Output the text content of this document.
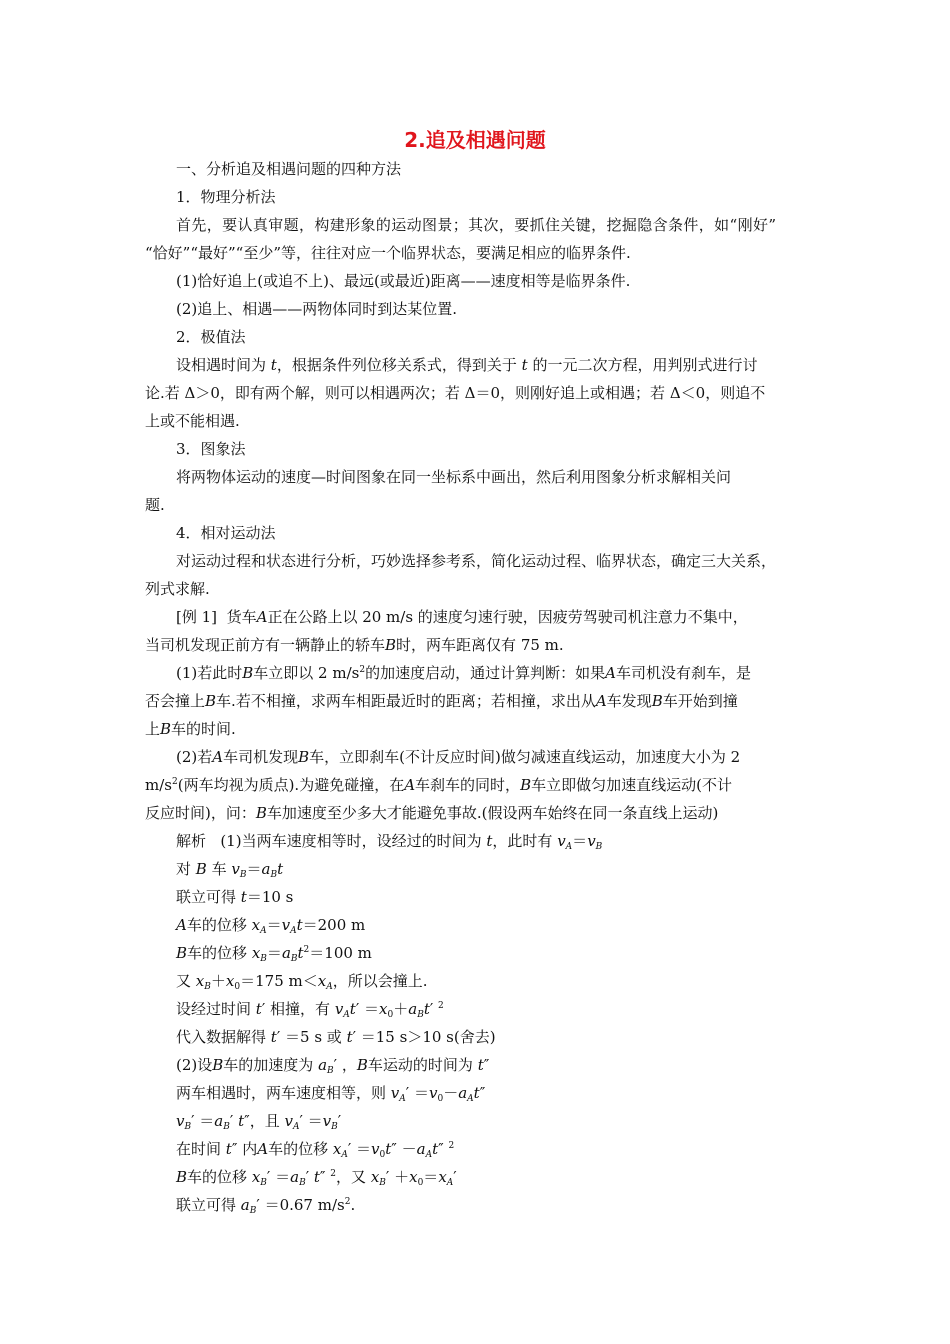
2.追及相遇问题
一、分析追及相遇问题的四种方法
1．物理分析法
首先，要认真审题，构建形象的运动图景；其次，要抓住关键，挖掘隐含条件，如“刚好”
“恰好”“最好”“至少”等，往往对应一个临界状态，要满足相应的临界条件.
(1)恰好追上(或追不上)、最远(或最近)距离——速度相等是临界条件.
(2)追上、相遇——两物体同时到达某位置.
2．极值法
设相遇时间为 t，根据条件列位移关系式，得到关于 t 的一元二次方程，用判别式进行讨
论.若 Δ＞0，即有两个解，则可以相遇两次；若 Δ＝0，则刚好追上或相遇；若 Δ＜0，则追不
上或不能相遇.
3．图象法
将两物体运动的速度—时间图象在同一坐标系中画出，然后利用图象分析求解相关问
题.
4．相对运动法
对运动过程和状态进行分析，巧妙选择参考系，简化运动过程、临界状态，确定三大关系，
列式求解.
[例 1] 货车A正在公路上以 20 m/s 的速度匀速行驶，因疲劳驾驶司机注意力不集中，
当司机发现正前方有一辆静止的轿车B时，两车距离仅有 75 m.
(1)若此时B车立即以 2 $m/s^2$的加速度启动，通过计算判断：如果A车司机没有刹车，是
否会撞上B车.若不相撞，求两车相距最近时的距离；若相撞，求出从A车发现B车开始到撞
上B车的时间.
(2)若A车司机发现B车，立即刹车(不计反应时间)做匀减速直线运动，加速度大小为 2
$m/s^2$(两车均视为质点).为避免碰撞，在A车刹车的同时，B车立即做匀加速直线运动(不计
反应时间)，问：B车加速度至少多大才能避免事故.(假设两车始终在同一条直线上运动)
解析 (1)当两车速度相等时，设经过的时间为 t，此时有 $v_A=v_B$
对 B 车 $v_B=a_Bt$
联立可得 t＝10 s
A车的位移 $x_A=v_At=200$ m
B车的位移 $x_B=a_Bt^2=100$ m
又 $x_B+x_0=175$ $m<x_A$，所以会撞上.
设经过时间 t′ 相撞，有 $v_At' =x_0+a_Bt'$ $^2$
代入数据解得 t′ ＝5 s 或 t′ ＝15 s＞10 s(舍去)
(2)设B车的加速度为 $a_B'$ ，B车运动的时间为 t″
两车相遇时，两车速度相等，则 $v_A' =v_0-a_At''$
$v_B' =a_B'$ t″，且 $v_A' =v_B'$
在时间 t″ 内A车的位移 $x_A' =v_0t'' -a_At''$ $^2$
B车的位移 $x_B' =a_B'$ t″ $^2$，又 $x_B' +x_0=x_A'$
联立可得 $a_B' =0.67$ $m/s^2$.
